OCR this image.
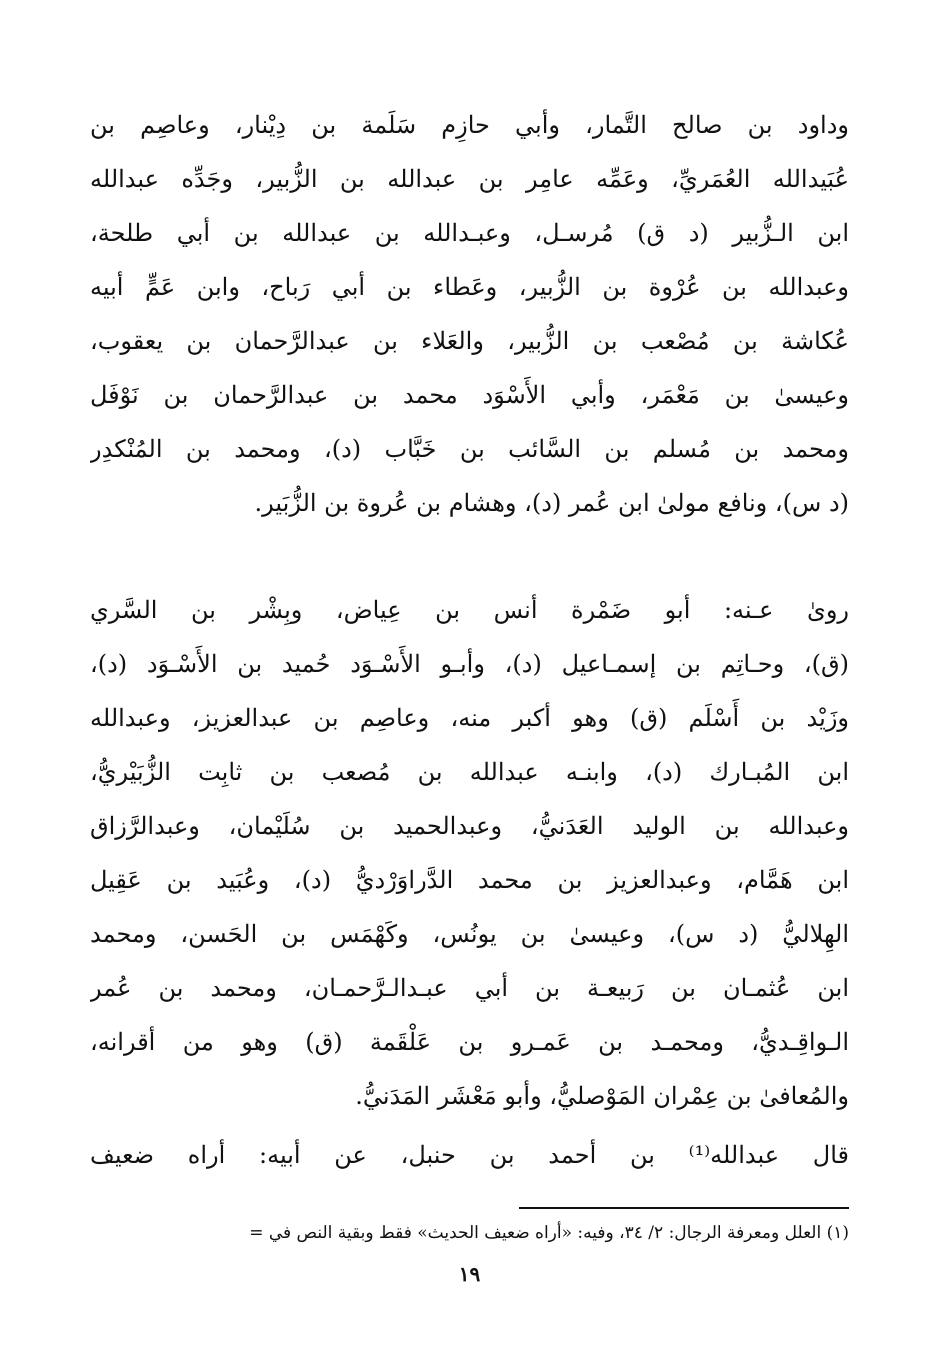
وداود بن صالح التَّمار، وأبي حازِم سَلَمة بن دِيْنار، وعاصِم بن
عُبَيدالله العُمَريِّ، وعَمِّه عامِر بن عبدالله بن الزُّبير، وجَدِّه عبدالله
ابن الـزُّبير (د ق) مُرسـل، وعبـدالله بن عبدالله بن أبي طلحة،
وعبدالله بن عُرْوة بن الزُّبير، وعَطاء بن أبي رَباح، وابن عَمٍّ أبيه
عُكاشة بن مُصْعب بن الزُّبير، والعَلاء بن عبدالرَّحمان بن يعقوب،
وعيسىٰ بن مَعْمَر، وأبي الأَسْوَد محمد بن عبدالرَّحمان بن نَوْفَل
ومحمد بن مُسلم بن السَّائب بن خَبَّاب (د)، ومحمد بن المُنْكدِر
(د س)، ونافع مولىٰ ابن عُمر (د)، وهشام بن عُروة بن الزُّبَير.
روىٰ عـنه: أبو ضَمْرة أنس بن عِياض، وبِشْر بن السَّري
(ق)، وحـاتِم بن إسمـاعيل (د)، وأبـو الأَسْـوَد حُميد بن الأَسْـوَد (د)،
وزَيْد بن أَسْلَم (ق) وهو أكبر منه، وعاصِم بن عبدالعزيز، وعبدالله
ابن المُبـارك (د)، وابنـه عبدالله بن مُصعب بن ثابِت الزُّبَيْريُّ،
وعبدالله بن الوليد العَدَنيُّ، وعبدالحميد بن سُلَيْمان، وعبدالرَّزاق
ابن هَمَّام، وعبدالعزيز بن محمد الدَّراوَرْديُّ (د)، وعُبَيد بن عَقِيل
الهِلاليُّ (د س)، وعيسىٰ بن يونُس، وكَهْمَس بن الحَسن، ومحمد
ابن عُثمـان بن رَبيعـة بن أبي عبـدالـرَّحمـان، ومحمد بن عُمر
الـواقِـديُّ، ومحمـد بن عَمـرو بن عَلْقَمة (ق) وهو من أقرانه،
والمُعافىٰ بن عِمْران المَوْصليُّ، وأبو مَعْشَر المَدَنيُّ.
قال عبدالله⁽¹⁾ بن أحمد بن حنبل، عن أبيه: أراه ضعيف
(١) العلل ومعرفة الرجال: ٢/ ٣٤، وفيه: «أراه ضعيف الحديث» فقط وبقية النص في =
١٩
